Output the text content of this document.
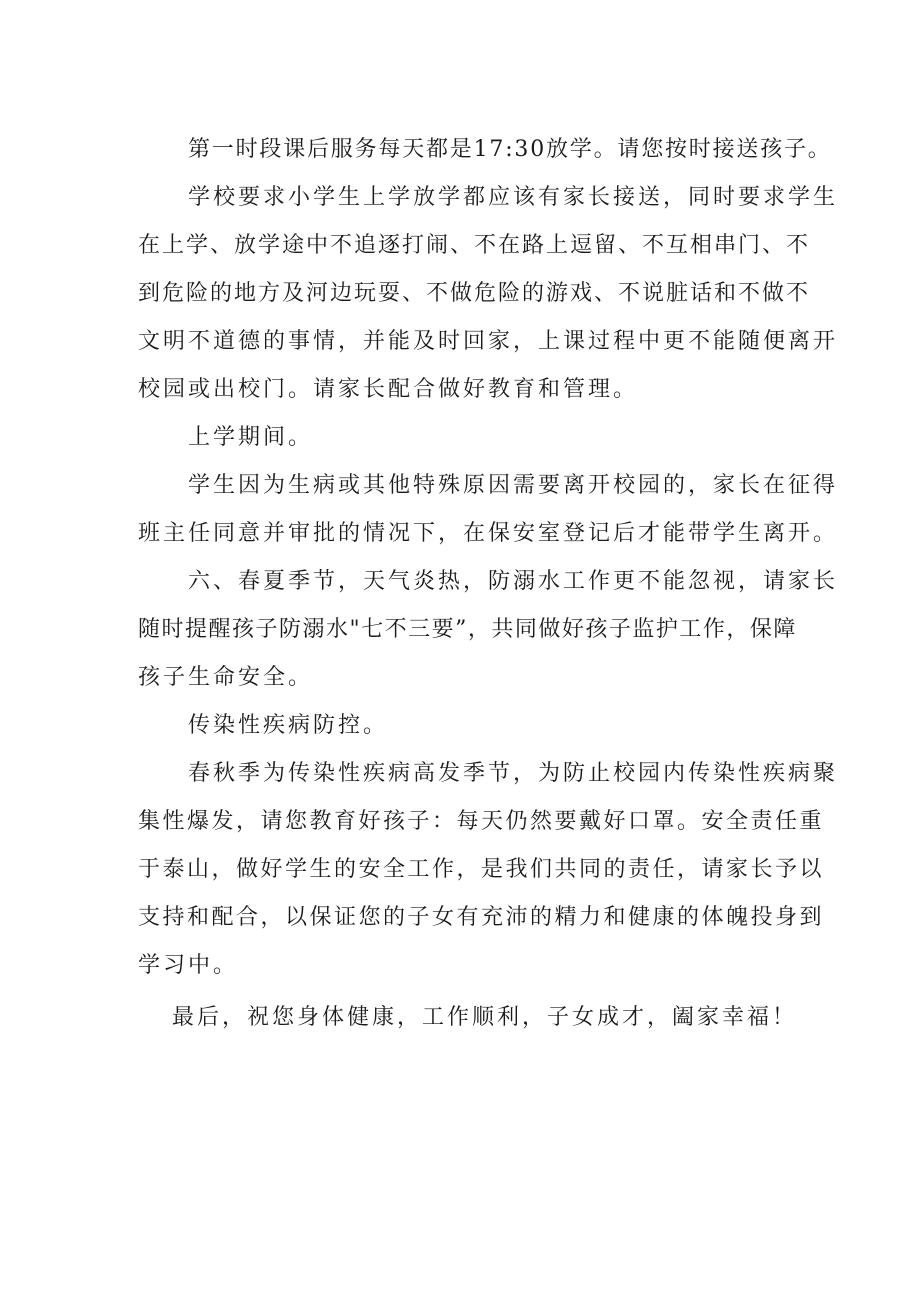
第一时段课后服务每天都是17:30放学。请您按时接送孩子。
学校要求小学生上学放学都应该有家长接送，同时要求学生
在上学、放学途中不追逐打闹、不在路上逗留、不互相串门、不
到危险的地方及河边玩耍、不做危险的游戏、不说脏话和不做不
文明不道德的事情，并能及时回家，上课过程中更不能随便离开
校园或出校门。请家长配合做好教育和管理。
上学期间。
学生因为生病或其他特殊原因需要离开校园的，家长在征得
班主任同意并审批的情况下，在保安室登记后才能带学生离开。
六、春夏季节，天气炎热，防溺水工作更不能忽视，请家长
随时提醒孩子防溺水"七不三要”，共同做好孩子监护工作，保障
孩子生命安全。
传染性疾病防控。
春秋季为传染性疾病高发季节，为防止校园内传染性疾病聚
集性爆发，请您教育好孩子：每天仍然要戴好口罩。安全责任重
于泰山，做好学生的安全工作，是我们共同的责任，请家长予以
支持和配合，以保证您的子女有充沛的精力和健康的体魄投身到
学习中。
最后，祝您身体健康，工作顺利，子女成才，阖家幸福！
